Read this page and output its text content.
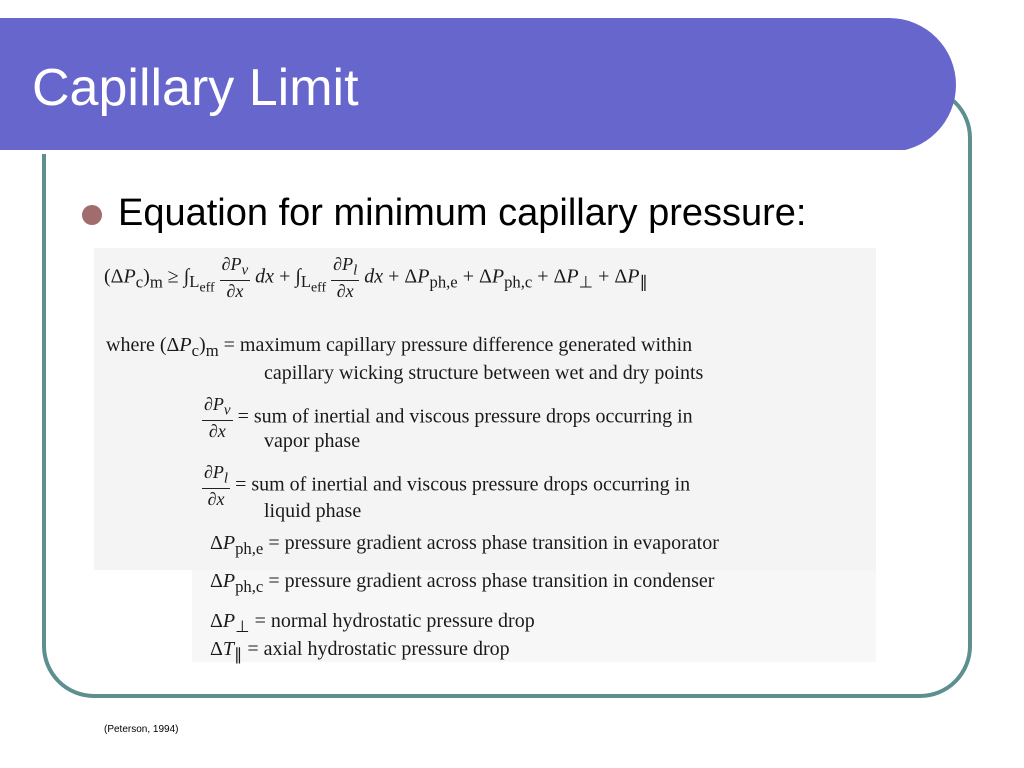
Capillary Limit
Equation for minimum capillary pressure:
$(\Delta P_c)_m \ge \int_{L_{eff}} \frac{\partial P_v}{\partial x}$ dx + $\int_{L_{eff}} \frac{\partial P_l}{\partial x}$ dx + $\Delta P_{ph,e} + \Delta P_{ph,c} + \Delta P_\perp + \Delta P_\parallel$
where $(\Delta P_c)_m$ = maximum capillary pressure difference generated within
capillary wicking structure between wet and dry points
$\frac{\partial P_v}{\partial x}$ = sum of inertial and viscous pressure drops occurring in
vapor phase
$\frac{\partial P_l}{\partial x}$ = sum of inertial and viscous pressure drops occurring in
liquid phase
$\Delta P_{ph,e}$ = pressure gradient across phase transition in evaporator
$\Delta P_{ph,c}$ = pressure gradient across phase transition in condenser
$\Delta P_\perp$ = normal hydrostatic pressure drop
$\Delta T_\parallel$ = axial hydrostatic pressure drop
(Peterson, 1994)
